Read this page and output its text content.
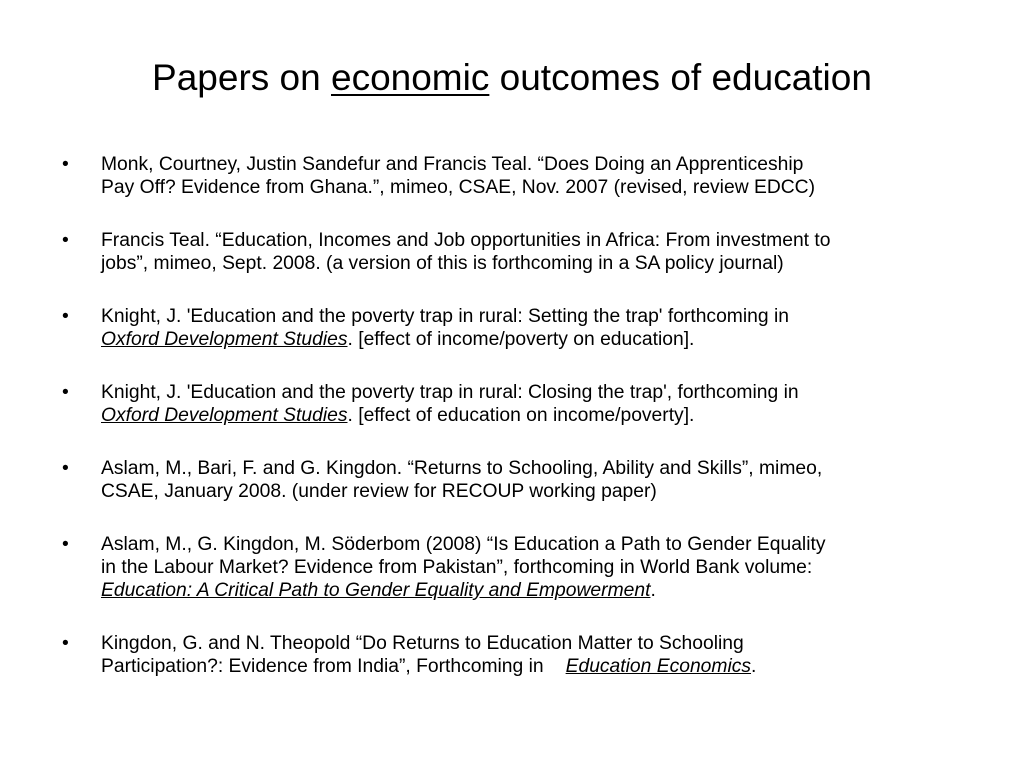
Papers on economic outcomes of education
•	Monk, Courtney, Justin Sandefur and Francis Teal. “Does Doing an Apprenticeship
Pay Off? Evidence from Ghana.”, mimeo, CSAE, Nov. 2007 (revised, review EDCC)
•	Francis Teal. “Education, Incomes and Job opportunities in Africa: From investment to
jobs”, mimeo, Sept. 2008. (a version of this is forthcoming in a SA policy journal)
•	Knight, J. 'Education and the poverty trap in rural: Setting the trap' forthcoming in
Oxford Development Studies. [effect of income/poverty on education].
•	Knight, J. 'Education and the poverty trap in rural: Closing the trap', forthcoming in
Oxford Development Studies. [effect of education on income/poverty].
•	Aslam, M., Bari, F. and G. Kingdon. “Returns to Schooling, Ability and Skills”, mimeo,
CSAE, January 2008. (under review for RECOUP working paper)
•	Aslam, M., G. Kingdon, M. Söderbom (2008) “Is Education a Path to Gender Equality
in the Labour Market? Evidence from Pakistan”, forthcoming in World Bank volume:
Education: A Critical Path to Gender Equality and Empowerment.
•	Kingdon, G. and N. Theopold “Do Returns to Education Matter to Schooling
Participation?: Evidence from India”, Forthcoming in Education Economics.
